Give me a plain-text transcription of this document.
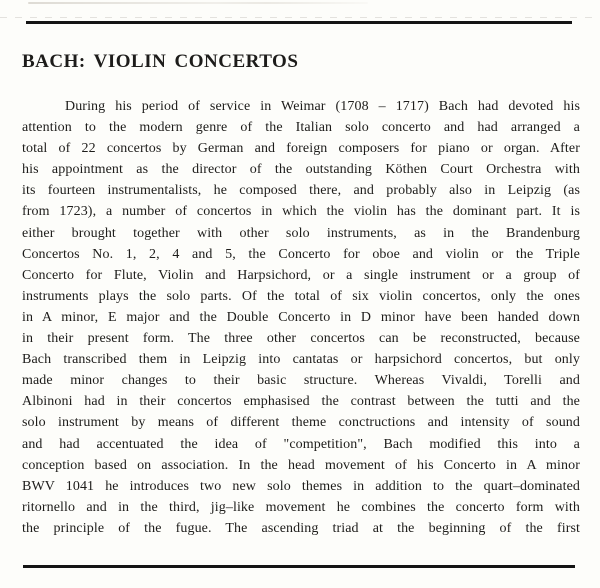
BACH: VIOLIN CONCERTOS
During his period of service in Weimar (1708 – 1717) Bach had devoted his
attention to the modern genre of the Italian solo concerto and had arranged a
total of 22 concertos by German and foreign composers for piano or organ. After
his appointment as the director of the outstanding Köthen Court Orchestra with
its fourteen instrumentalists, he composed there, and probably also in Leipzig (as
from 1723), a number of concertos in which the violin has the dominant part. It is
either brought together with other solo instruments, as in the Brandenburg
Concertos No. 1, 2, 4 and 5, the Concerto for oboe and violin or the Triple
Concerto for Flute, Violin and Harpsichord, or a single instrument or a group of
instruments plays the solo parts. Of the total of six violin concertos, only the ones
in A minor, E major and the Double Concerto in D minor have been handed down
in their present form. The three other concertos can be reconstructed, because
Bach transcribed them in Leipzig into cantatas or harpsichord concertos, but only
made minor changes to their basic structure. Whereas Vivaldi, Torelli and
Albinoni had in their concertos emphasised the contrast between the tutti and the
solo instrument by means of different theme conctructions and intensity of sound
and had accentuated the idea of "competition", Bach modified this into a
conception based on association. In the head movement of his Concerto in A minor
BWV 1041 he introduces two new solo themes in addition to the quart–dominated
ritornello and in the third, jig–like movement he combines the concerto form with
the principle of the fugue. The ascending triad at the beginning of the first
